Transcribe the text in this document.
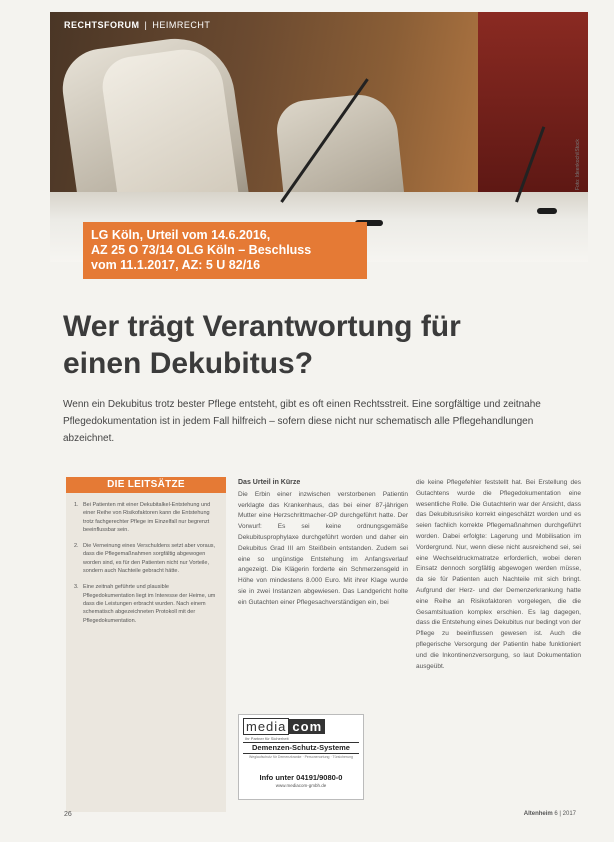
RECHTSFORUM | HEIMRECHT
Foto: Ideenkoch/iStock
LG Köln, Urteil vom 14.6.2016,
AZ 25 O 73/14 OLG Köln – Beschluss
vom 11.1.2017, AZ: 5 U 82/16
Wer trägt Verantwortung für
einen Dekubitus?

Wenn ein Dekubitus trotz bester Pflege entsteht, gibt es oft einen Rechtsstreit. Eine sorgfältige und zeitnahe Pflegedokumentation ist in jedem Fall hilfreich – sofern diese nicht nur schematisch alle Pflegehandlungen abzeichnet.

DIE LEITSÄTZE
1. Bei Patienten mit einer Dekubitalkel-Entstehung und einer Reihe von Risikofaktoren kann die Entstehung trotz fachgerechter Pflege im Einzelfall nur begrenzt beeinflussbar sein.
2. Die Verneinung eines Verschuldens setzt aber voraus, dass die Pflegemaßnahmen sorgfältig abgewogen worden sind, es für den Patienten nicht nur Vorteile, sondern auch Nachteile gebracht hätte.
3. Eine zeitnah geführte und plausible Pflegedokumentation liegt im Interesse der Heime, um dass die Leistungen erbracht wurden. Nach einem schematisch abgezeichneten Protokoll mit der Pflegedokumentation.
Das Urteil in Kürze

Die Erbin einer inzwischen verstorbenen Patientin verklagte das Krankenhaus, das bei einer 87-jährigen Mutter eine Herzschrittmacher-OP durchgeführt hatte. Der Vorwurf: Es sei keine ordnungsgemäße Dekubitusprophylaxe durchgeführt worden und daher ein Dekubitus Grad III am Steißbein entstanden. Zudem sei eine so ungünstige Entstehung im Anfangsverlauf angezeigt. Die Klägerin forderte ein Schmerzensgeld in Höhe von mindestens 8.000 Euro. Mit ihrer Klage wurde sie in zwei Instanzen abgewiesen. Das Landgericht holte ein Gutachten einer Pflegesachverständigen ein, bei

die keine Pflegefehler feststellt hat. Bei Erstellung des Gutachtens wurde die Pflegedokumentation eine wesentliche Rolle. Die Gutachterin war der Ansicht, dass das Dekubitusrisiko korrekt eingeschätzt worden und es seien fachlich korrekte Pflegemaßnahmen durchgeführt worden. Dabei erfolgte: Lagerung und Mobilisation im Vordergrund. Nur, wenn diese nicht ausreichend sei, sei eine Wechseldruckmatratze erforderlich, wobei deren Einsatz dennoch sorgfältig abgewogen werden müsse, da sie für Patienten auch Nachteile mit sich bringt. Aufgrund der Herz- und der Demenzerkrankung hatte eine Reihe an Risikofaktoren vorgelegen, die die Gesamtsituation komplex erschien. Es lag dagegen, dass die Entstehung eines Dekubitus nur bedingt von der Pflege zu beeinflussen gewesen ist. Auch die pflegerische Versorgung der Patientin habe funktioniert und die Inkontinenzversorgung, so laut Dokumentation ausgeübt.

media com
Ihr Partner für Sicherheit
Demenzen-Schutz-Systeme
Weglaufschutz für Demenzkranke · Personenortung · Türsicherung
Info unter 04191/9080-0
www.mediacom-gmbh.de
26	Altenheim 6 | 2017
